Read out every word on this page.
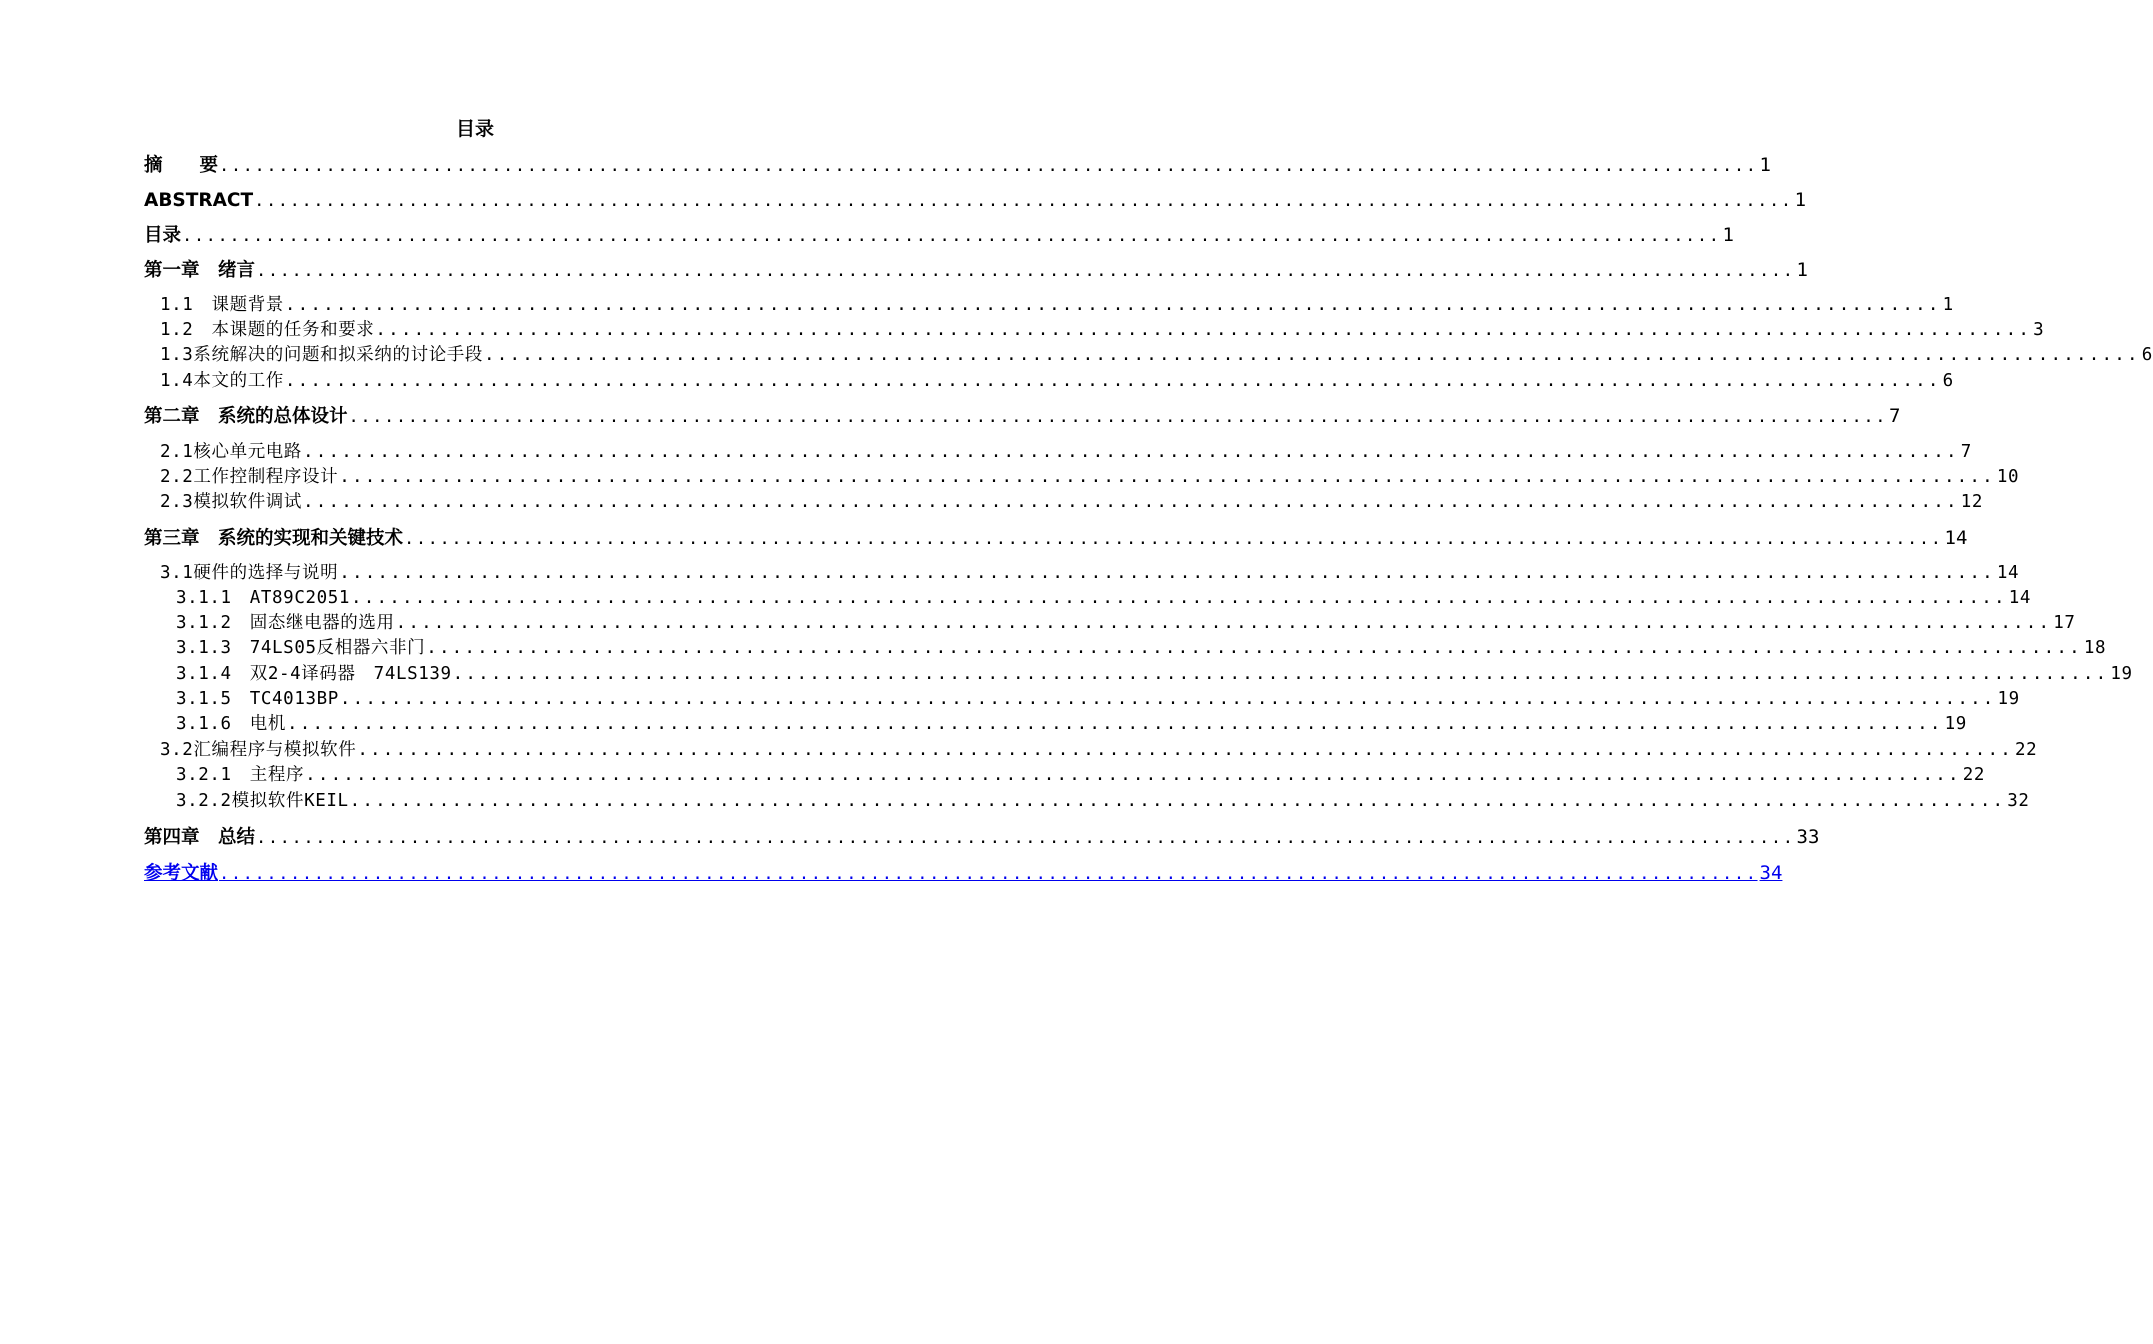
目录
摘　　要 .................................................................................................................................. 1
ABSTRACT .................................................................................................................................. 1
目录 .................................................................................................................................. 1
第一章　绪言 .................................................................................................................................. 1
1.1　课题背景 .................................................................................................................................. 1
1.2　本课题的任务和要求 .................................................................................................................................. 3
1.3系统解决的问题和拟采纳的讨论手段 .................................................................................................................................. 6
1.4本文的工作 .................................................................................................................................. 6
第二章　系统的总体设计 .................................................................................................................................. 7
2.1核心单元电路 .................................................................................................................................. 7
2.2工作控制程序设计 .................................................................................................................................. 10
2.3模拟软件调试 .................................................................................................................................. 12
第三章　系统的实现和关键技术 .................................................................................................................................. 14
3.1硬件的选择与说明 .................................................................................................................................. 14
3.1.1　AT89C2051 .................................................................................................................................. 14
3.1.2　固态继电器的选用 .................................................................................................................................. 17
3.1.3　74LS05反相器六非门 .................................................................................................................................. 18
3.1.4　双2-4译码器　74LS139 .................................................................................................................................. 19
3.1.5　TC4013BP .................................................................................................................................. 19
3.1.6　电机 .................................................................................................................................. 19
3.2汇编程序与模拟软件 .................................................................................................................................. 22
3.2.1　主程序 .................................................................................................................................. 22
3.2.2模拟软件KEIL .................................................................................................................................. 32
第四章　总结 .................................................................................................................................. 33
参考文献 .................................................................................................................................. 34
